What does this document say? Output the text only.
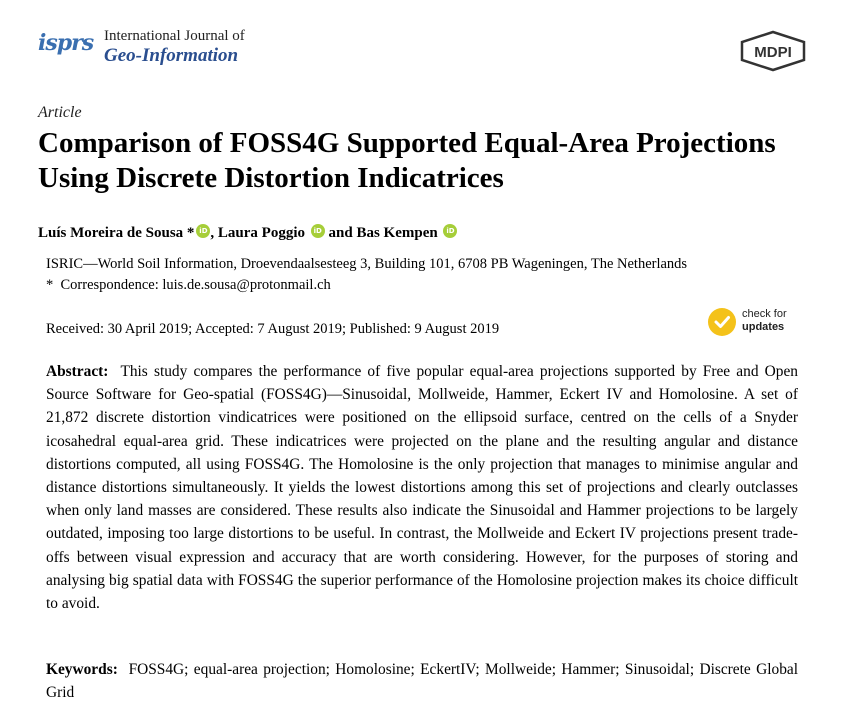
isprs International Journal of
Geo-Information	MDPI
Article
Comparison of FOSS4G Supported Equal-Area Projections Using Discrete Distortion Indicatrices
Luís Moreira de Sousa * iD , Laura Poggio iD and Bas Kempen iD
ISRIC—World Soil Information, Droevendaalsesteeg 3, Building 101, 6708 PB Wageningen, The Netherlands
* Correspondence: luis.de.sousa@protonmail.ch
Received: 30 April 2019; Accepted: 7 August 2019; Published: 9 August 2019
check for
updates

Abstract: This study compares the performance of five popular equal-area projections supported by Free and Open Source Software for Geo-spatial (FOSS4G)—Sinusoidal, Mollweide, Hammer, Eckert IV and Homolosine. A set of 21,872 discrete distortion vindicatrices were positioned on the ellipsoid surface, centred on the cells of a Snyder icosahedral equal-area grid. These indicatrices were projected on the plane and the resulting angular and distance distortions computed, all using FOSS4G. The Homolosine is the only projection that manages to minimise angular and distance distortions simultaneously. It yields the lowest distortions among this set of projections and clearly outclasses when only land masses are considered. These results also indicate the Sinusoidal and Hammer projections to be largely outdated, imposing too large distortions to be useful. In contrast, the Mollweide and Eckert IV projections present trade-offs between visual expression and accuracy that are worth considering. However, for the purposes of storing and analysing big spatial data with FOSS4G the superior performance of the Homolosine projection makes its choice difficult to avoid.

Keywords: FOSS4G; equal-area projection; Homolosine; EckertIV; Mollweide; Hammer; Sinusoidal; Discrete Global Grid
